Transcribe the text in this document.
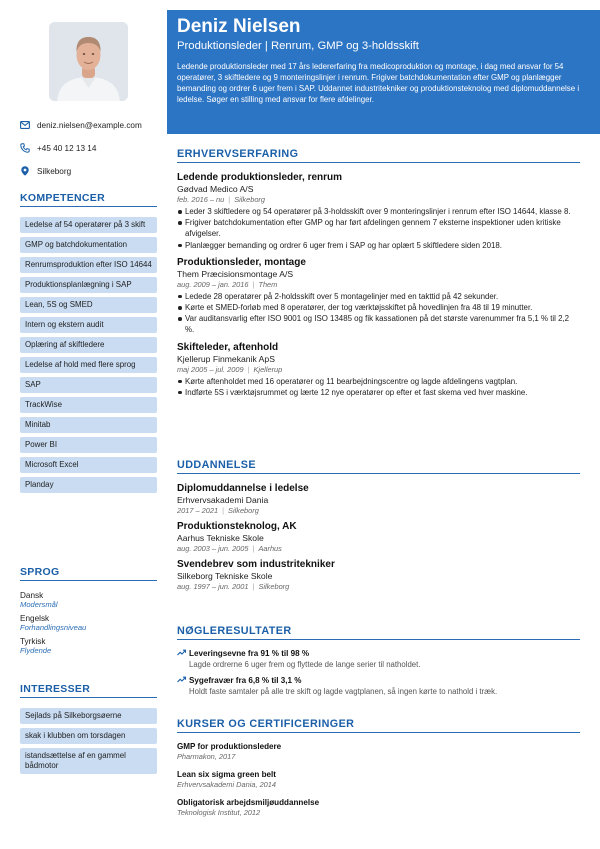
deniz.nielsen@example.com
+45 40 12 13 14
Silkeborg
KOMPETENCER
Ledelse af 54 operatører på 3 skift
GMP og batchdokumentation
Renrumsproduktion efter ISO 14644
Produktionsplanlægning i SAP
Lean, 5S og SMED
Intern og ekstern audit
Oplæring af skiftledere
Ledelse af hold med flere sprog
SAP
TrackWise
Minitab
Power BI
Microsoft Excel
Planday
SPROG
Dansk
Modersmål
Engelsk
Forhandlingsniveau
Tyrkisk
Flydende
INTERESSER
Sejlads på Silkeborgsøerne
skak i klubben om torsdagen
istandsættelse af en gammel bådmotor
Deniz Nielsen
Produktionsleder | Renrum, GMP og 3-holdsskift
Ledende produktionsleder med 17 års ledererfaring fra medicoproduktion og montage, i dag med ansvar for 54 operatører, 3 skiftledere og 9 monteringslinjer i renrum. Frigiver batchdokumentation efter GMP og planlægger bemanding og ordrer 6 uger frem i SAP. Uddannet industritekniker og produktionsteknolog med diplomuddannelse i ledelse. Søger en stilling med ansvar for flere afdelinger.
ERHVERVSERFARING
Ledende produktionsleder, renrum
Gødvad Medico A/S
feb. 2016 – nu | Silkeborg
Leder 3 skiftledere og 54 operatører på 3-holdsskift over 9 monteringslinjer i renrum efter ISO 14644, klasse 8.
Frigiver batchdokumentation efter GMP og har ført afdelingen gennem 7 eksterne inspektioner uden kritiske afvigelser.
Planlægger bemanding og ordrer 6 uger frem i SAP og har oplært 5 skiftledere siden 2018.
Produktionsleder, montage
Them Præcisionsmontage A/S
aug. 2009 – jan. 2016 | Them
Ledede 28 operatører på 2-holdsskift over 5 montagelinjer med en takttid på 42 sekunder.
Kørte et SMED-forløb med 8 operatører, der tog værktøjsskiftet på hovedlinjen fra 48 til 19 minutter.
Var auditansvarlig efter ISO 9001 og ISO 13485 og fik kassationen på det største varenummer fra 5,1 % til 2,2 %.
Skifteleder, aftenhold
Kjellerup Finmekanik ApS
maj 2005 – jul. 2009 | Kjellerup
Kørte aftenholdet med 16 operatører og 11 bearbejdningscentre og lagde afdelingens vagtplan.
Indførte 5S i værktøjsrummet og lærte 12 nye operatører op efter et fast skema ved hver maskine.
UDDANNELSE
Diplomuddannelse i ledelse
Erhvervsakademi Dania
2017 – 2021 | Silkeborg
Produktionsteknolog, AK
Aarhus Tekniske Skole
aug. 2003 – jun. 2005 | Aarhus
Svendebrev som industritekniker
Silkeborg Tekniske Skole
aug. 1997 – jun. 2001 | Silkeborg
NØGLERESULTATER
Leveringsevne fra 91 % til 98 %
Lagde ordrerne 6 uger frem og flyttede de lange serier til natholdet.
Sygefravær fra 6,8 % til 3,1 %
Holdt faste samtaler på alle tre skift og lagde vagtplanen, så ingen kørte to nathold i træk.
KURSER OG CERTIFICERINGER
GMP for produktionsledere
Pharmakon, 2017
Lean six sigma green belt
Erhvervsakademi Dania, 2014
Obligatorisk arbejdsmiljøuddannelse
Teknologisk Institut, 2012
